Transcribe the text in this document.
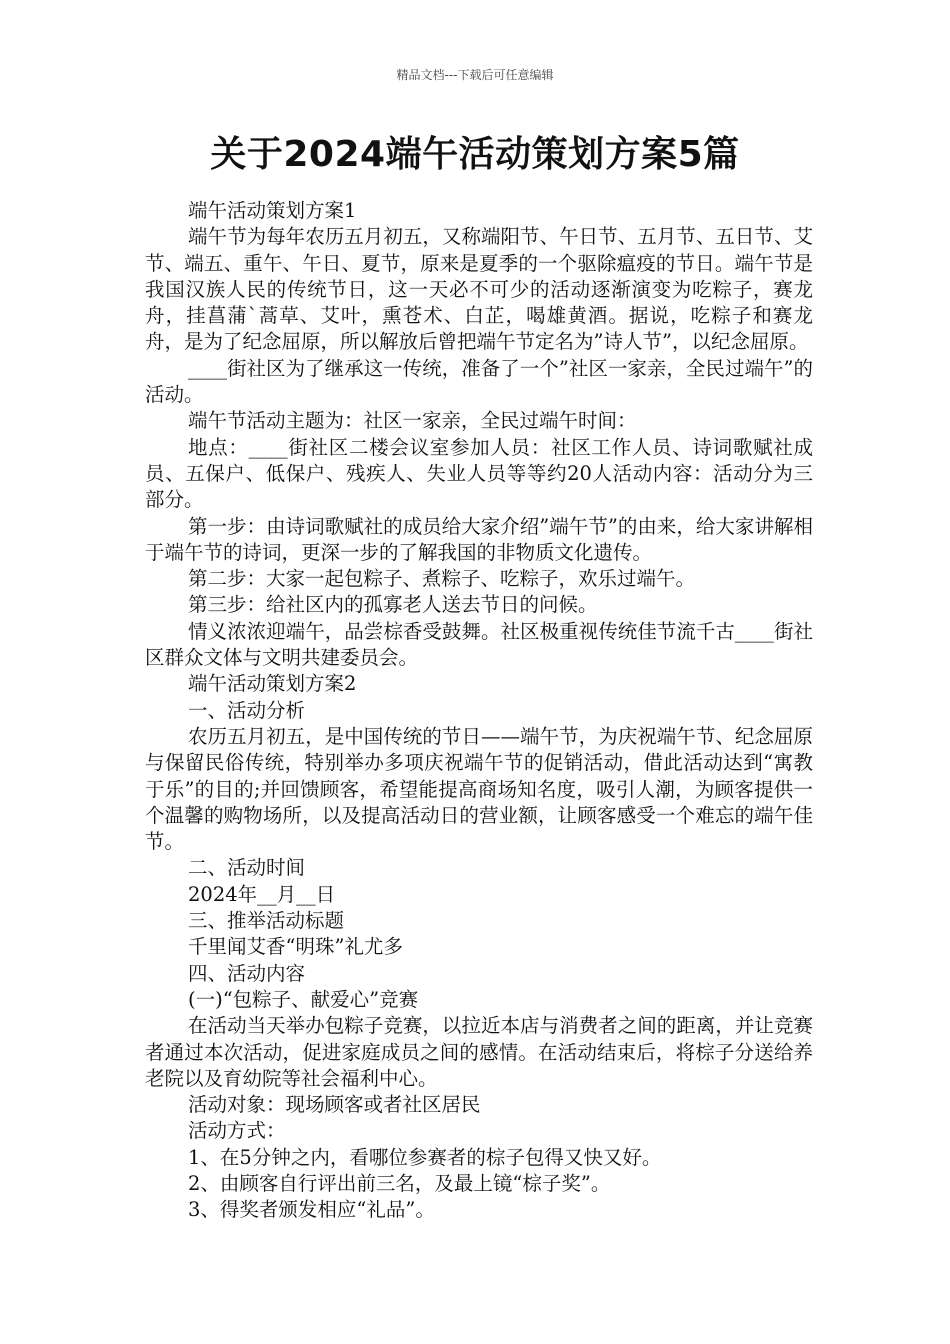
精品文档---下载后可任意编辑
关于2024端午活动策划方案5篇

端午活动策划方案1

端午节为每年农历五月初五，又称端阳节、午日节、五月节、五日节、艾节、端五、重午、午日、夏节，原来是夏季的一个驱除瘟疫的节日。端午节是我国汉族人民的传统节日，这一天必不可少的活动逐渐演变为吃粽子，赛龙舟，挂菖蒲`蒿草、艾叶，熏苍术、白芷，喝雄黄酒。据说，吃粽子和赛龙舟，是为了纪念屈原，所以解放后曾把端午节定名为”诗人节”，以纪念屈原。

____街社区为了继承这一传统，准备了一个”社区一家亲，全民过端午”的活动。

端午节活动主题为：社区一家亲，全民过端午时间：

地点：____街社区二楼会议室参加人员：社区工作人员、诗词歌赋社成员、五保户、低保户、残疾人、失业人员等等约20人活动内容：活动分为三部分。

第一步：由诗词歌赋社的成员给大家介绍”端午节”的由来，给大家讲解相于端午节的诗词，更深一步的了解我国的非物质文化遗传。

第二步：大家一起包粽子、煮粽子、吃粽子，欢乐过端午。

第三步：给社区内的孤寡老人送去节日的问候。

情义浓浓迎端午，品尝棕香受鼓舞。社区极重视传统佳节流千古____街社区群众文体与文明共建委员会。

端午活动策划方案2

一、活动分析

农历五月初五，是中国传统的节日——端午节，为庆祝端午节、纪念屈原与保留民俗传统，特别举办多项庆祝端午节的促销活动，借此活动达到“寓教于乐”的目的;并回馈顾客，希望能提高商场知名度，吸引人潮，为顾客提供一个温馨的购物场所，以及提高活动日的营业额，让顾客感受一个难忘的端午佳节。

二、活动时间

2024年__月__日

三、推举活动标题

千里闻艾香“明珠”礼尤多

四、活动内容

(一)“包粽子、献爱心”竞赛

在活动当天举办包粽子竞赛，以拉近本店与消费者之间的距离，并让竞赛者通过本次活动，促进家庭成员之间的感情。在活动结束后，将棕子分送给养老院以及育幼院等社会福利中心。

活动对象：现场顾客或者社区居民

活动方式：

1、在5分钟之内，看哪位参赛者的棕子包得又快又好。

2、由顾客自行评出前三名，及最上镜“棕子奖”。

3、得奖者颁发相应“礼品”。
